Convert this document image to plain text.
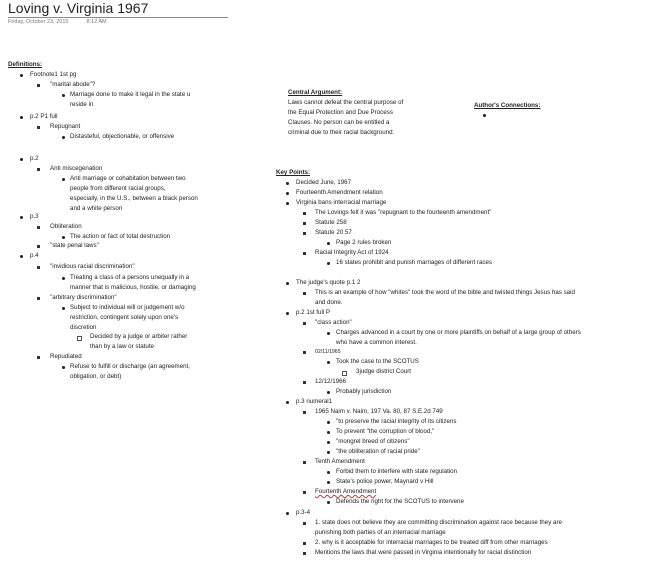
Loving v. Virginia 1967
Friday, October 23, 2015	8:12 AM
Definitions:
Footnote1 1st pg
"marital abode"?
Marriage done to make it legal in the state u
reside in
p.2 P1 full
Repugnant
Distasteful, objectionable, or offensive
p.2
Anti miscegenation
Anti marriage or cohabitation between two
people from different racial groups,
especially, in the U.S., between a black person
and a white person
p.3
Obliteration
The action or fact of total destruction
"state penal laws"
p.4
"invidious racial discrimination"
Treating a class of a persons unequally in a
manner that is malicious, hostile, or damaging
"arbitrary discrimination"
Subject to individual will or judgement w/o
restriction, contingent solely upon one's
discretion
Decided by a judge or arbiter rather
than by a law or statute
Repudiated
Refuse to fulfill or discharge (an agreement,
obligation, or debt)
Central Argument:
Laws cannot defeat the central purpose of
the Equal Protection and Due Process
Clauses. No person can be entitled a
criminal due to their racial background.
Author's Connections:
Key Points:
Decided June, 1967
Fourteenth Amendment relation
Virginia bans interracial marriage
The Lovings felt it was "repugnant to the fourteenth amendment"
Statute 258
Statute 20 57
Page 2 rules broken
Racial Integrity Act of 1924
16 states prohibit and punish marriages of different races
The judge's quote p.1 2
This is an example of how "whites" took the word of the bible and twisted things Jesus has said
and done.
p.2 1st full P
"class action"
Charges advanced in a court by one or more plaintiffs on behalf of a large group of others
who have a common interest.
02/11/1965
Took the case to the SCOTUS
3judge district Court
12/12/1966
Probably jurisdiction
p.3 numeral1
1965 Naim v. Naim, 197 Va. 80, 87 S.E.2d 749
"to preserve the racial integrity of its citizens
To prevent "the corruption of blood,"
"mongrel breed of citizens"
"the obliteration of racial pride"
Tenth Amendment
Forbid them to interfere with state regulation
State's police power, Maynard v Hill
Fourtenth Amendment
Defends the right for the SCOTUS to intervene
p.3-4
1. state does not believe they are committing discrimination against race because they are
punishing both parties of an interracial marriage
2. why is it acceptable for interracial marriages to be treated diff from other marriages
Mentions the laws that were passed in Virginia intentionally for racial distinction
